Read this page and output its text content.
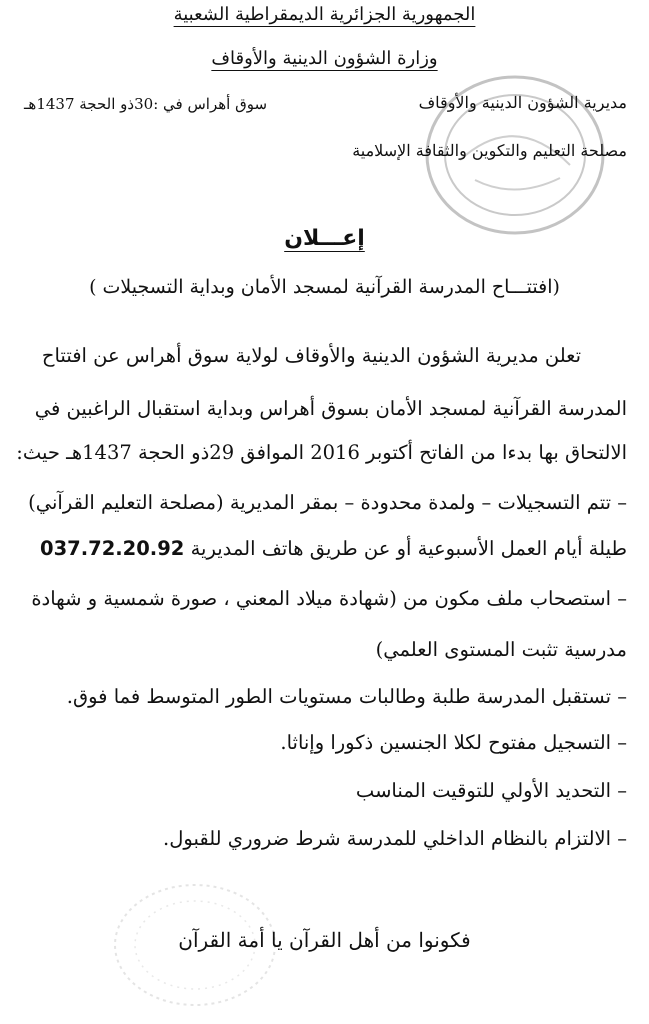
الجمهورية الجزائرية الديمقراطية الشعبية
وزارة الشؤون الدينية والأوقاف
مديرية الشؤون الدينية والأوقاف
سوق أهراس في :30ذو الحجة 1437هـ
مصلحة التعليم والتكوين والثقافة الإسلامية
إعـــلان
(افتتـــاح المدرسة القرآنية لمسجد الأمان وبداية التسجيلات )
تعلن مديرية الشؤون الدينية والأوقاف لولاية سوق أهراس عن افتتاح
المدرسة القرآنية لمسجد الأمان بسوق أهراس وبداية استقبال الراغبين في
الالتحاق بها بدءا من الفاتح أكتوبر 2016 الموافق 29ذو الحجة 1437هـ حيث:
– تتم التسجيلات – ولمدة محدودة – بمقر المديرية (مصلحة التعليم القرآني)
طيلة أيام العمل الأسبوعية أو عن طريق هاتف المديرية 037.72.20.92
– استصحاب ملف مكون من (شهادة ميلاد المعني ، صورة شمسية و شهادة
مدرسية تثبت المستوى العلمي)
– تستقبل المدرسة طلبة وطالبات مستويات الطور المتوسط فما فوق.
– التسجيل مفتوح لكلا الجنسين ذكورا وإناثا.
– التحديد الأولي للتوقيت المناسب
– الالتزام بالنظام الداخلي للمدرسة شرط ضروري للقبول.
فكونوا من أهل القرآن يا أمة القرآن
